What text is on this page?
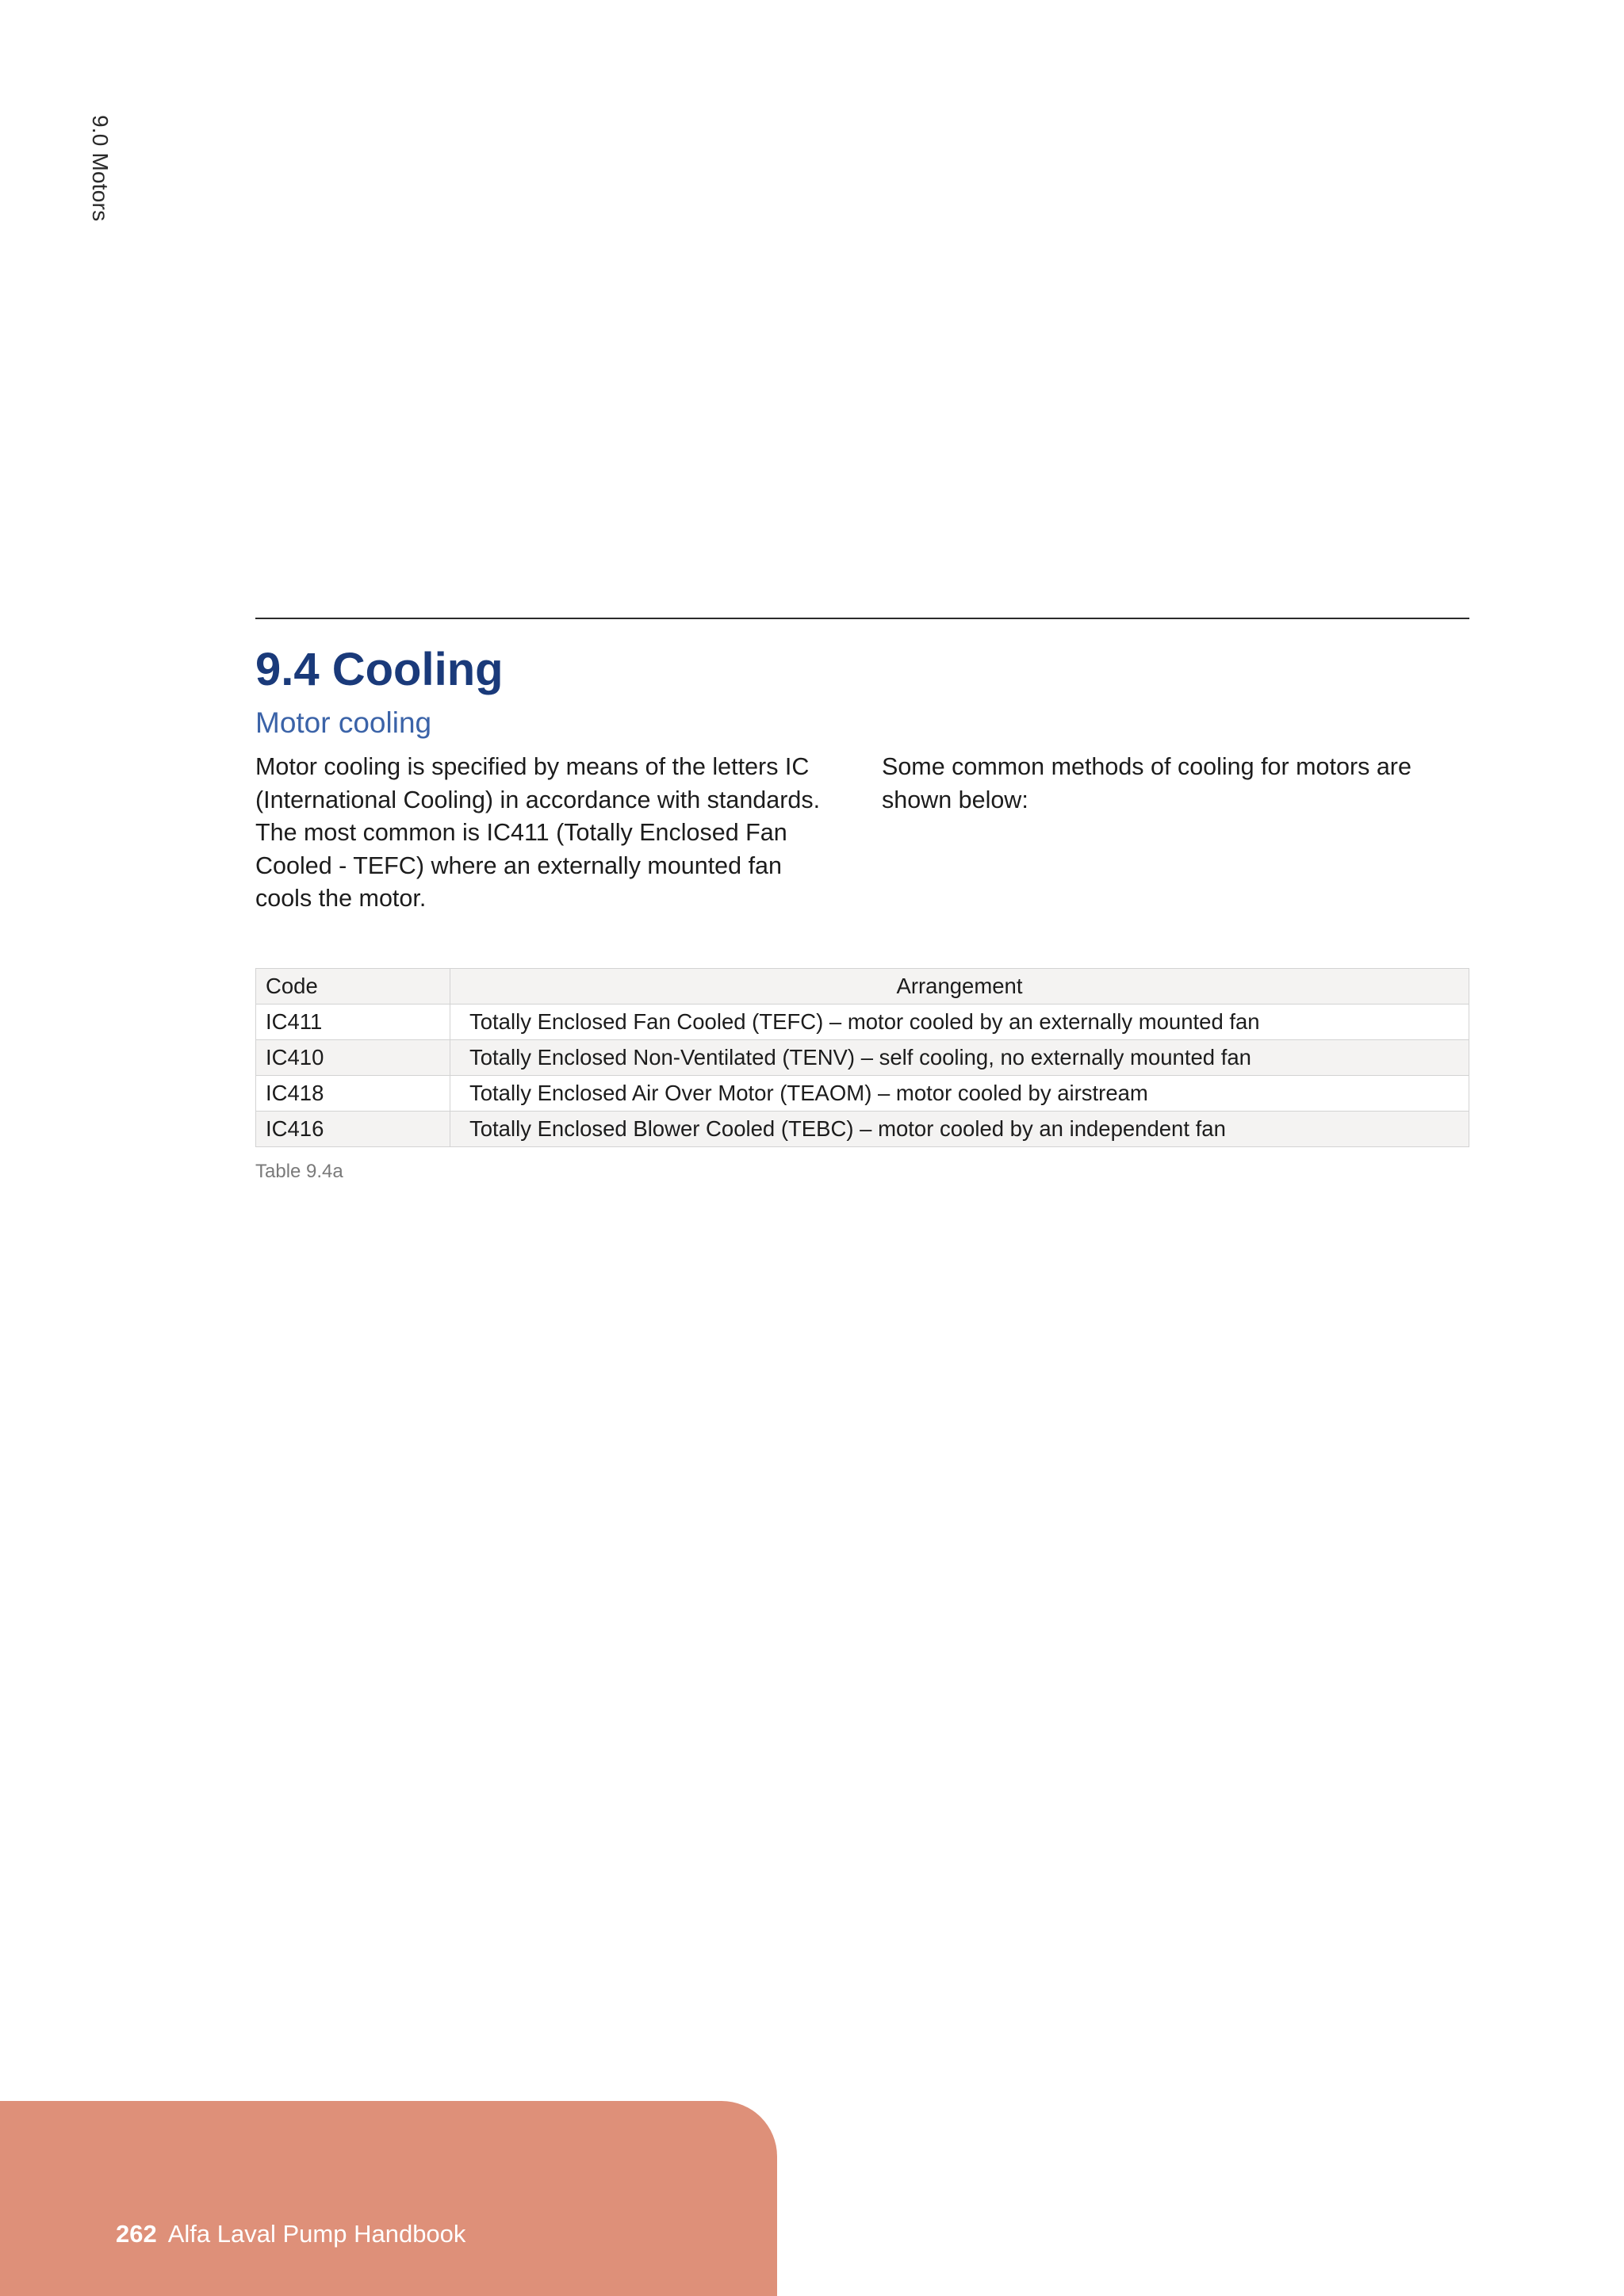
9.0 Motors
9.4 Cooling
Motor cooling

Motor cooling is specified by means of the letters IC (International Cooling) in accordance with standards. The most common is IC411 (Totally Enclosed Fan Cooled - TEFC) where an externally mounted fan cools the motor.

Some common methods of cooling for motors are shown below:

Code	Arrangement
IC411	Totally Enclosed Fan Cooled (TEFC) – motor cooled by an externally mounted fan
IC410	Totally Enclosed Non-Ventilated (TENV) – self cooling, no externally mounted fan
IC418	Totally Enclosed Air Over Motor (TEAOM) – motor cooled by airstream
IC416	Totally Enclosed Blower Cooled (TEBC) – motor cooled by an independent fan
Table 9.4a
262 Alfa Laval Pump Handbook
